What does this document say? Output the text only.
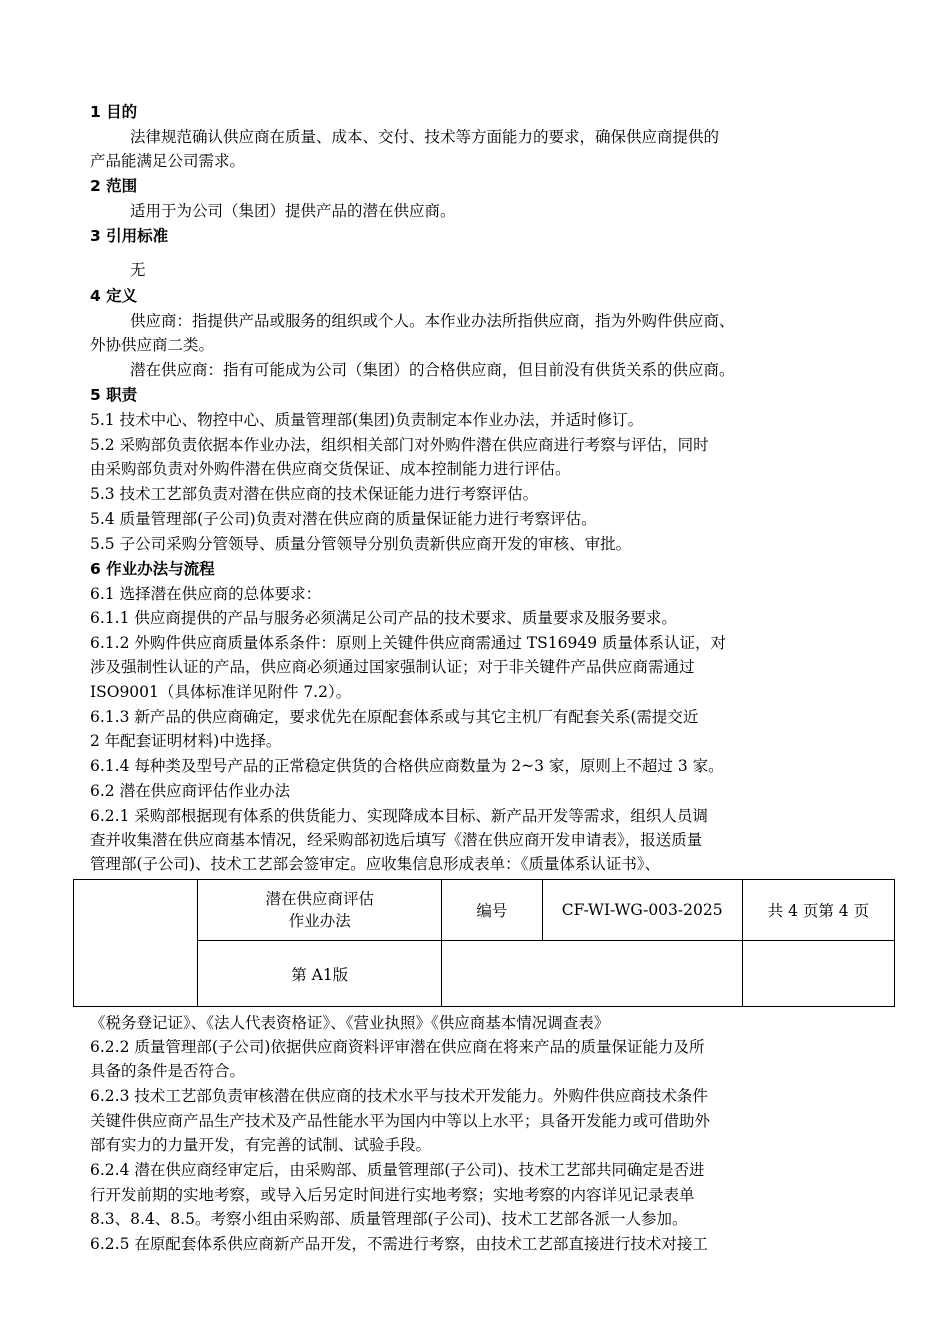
1 目的
法律规范确认供应商在质量、成本、交付、技术等方面能力的要求，确保供应商提供的
产品能满足公司需求。
2 范围
适用于为公司（集团）提供产品的潜在供应商。
3 引用标准
无
4 定义
供应商：指提供产品或服务的组织或个人。本作业办法所指供应商，指为外购件供应商、
外协供应商二类。
潜在供应商：指有可能成为公司（集团）的合格供应商，但目前没有供货关系的供应商。
5 职责
5.1 技术中心、物控中心、质量管理部(集团)负责制定本作业办法，并适时修订。
5.2 采购部负责依据本作业办法，组织相关部门对外购件潜在供应商进行考察与评估，同时
由采购部负责对外购件潜在供应商交货保证、成本控制能力进行评估。
5.3 技术工艺部负责对潜在供应商的技术保证能力进行考察评估。
5.4 质量管理部(子公司)负责对潜在供应商的质量保证能力进行考察评估。
5.5 子公司采购分管领导、质量分管领导分别负责新供应商开发的审核、审批。
6 作业办法与流程
6.1 选择潜在供应商的总体要求：
6.1.1 供应商提供的产品与服务必须满足公司产品的技术要求、质量要求及服务要求。
6.1.2 外购件供应商质量体系条件：原则上关键件供应商需通过 TS16949 质量体系认证，对
涉及强制性认证的产品，供应商必须通过国家强制认证；对于非关键件产品供应商需通过
ISO9001（具体标准详见附件 7.2）。
6.1.3 新产品的供应商确定，要求优先在原配套体系或与其它主机厂有配套关系(需提交近
2 年配套证明材料)中选择。
6.1.4 每种类及型号产品的正常稳定供货的合格供应商数量为 2~3 家，原则上不超过 3 家。
6.2 潜在供应商评估作业办法
6.2.1 采购部根据现有体系的供货能力、实现降成本目标、新产品开发等需求，组织人员调
查并收集潜在供应商基本情况，经采购部初选后填写《潜在供应商开发申请表》，报送质量
管理部(子公司)、技术工艺部会签审定。应收集信息形成表单：《质量体系认证书》、
《税务登记证》、《法人代表资格证》、《营业执照》《供应商基本情况调查表》
6.2.2 质量管理部(子公司)依据供应商资料评审潜在供应商在将来产品的质量保证能力及所
具备的条件是否符合。
6.2.3 技术工艺部负责审核潜在供应商的技术水平与技术开发能力。外购件供应商技术条件
关键件供应商产品生产技术及产品性能水平为国内中等以上水平；具备开发能力或可借助外
部有实力的力量开发，有完善的试制、试验手段。
6.2.4 潜在供应商经审定后，由采购部、质量管理部(子公司)、技术工艺部共同确定是否进
行开发前期的实地考察，或导入后另定时间进行实地考察；实地考察的内容详见记录表单
8.3、8.4、8.5。考察小组由采购部、质量管理部(子公司)、技术工艺部各派一人参加。
6.2.5 在原配套体系供应商新产品开发，不需进行考察，由技术工艺部直接进行技术对接工

	潜在供应商评估
作业办法	编号	CF-WI-WG-003-2025	共 4 页第 4 页
	第 A1版			
